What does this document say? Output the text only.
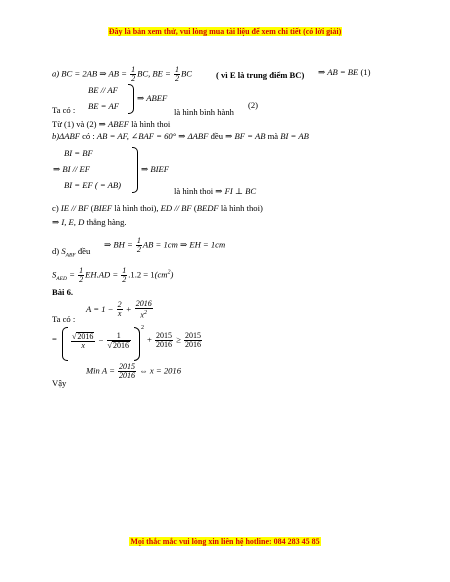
Đây là bản xem thử, vui lòng mua tài liệu để xem chi tiết (có lời giải)
a) BC = 2AB ⇒ AB = $\frac{1}{2}$ BC, BE = $\frac{1}{2}$ BC	( vì E là trung điểm BC) ⇒ AB = BE (1)
BE // AF
BE = AF
⇒ ABEF
Ta có :	là hình bình hành
(2)
Từ (1) và (2) ⇒ ABEF là hình thoi
b)ΔABF có : AB = AF, ∠BAF = 60° ⇒ ΔABF đều ⇒ BF = AB mà BI = AB
BI = BF
⇒ BI // EF
BI = EF ( = AB)
⇒ BIEF
là hình thoi ⇒ FI ⊥ BC
c) IE // BF (BIEF là hình thoi), ED // BF (BEDF là hình thoi)
⇒ I, E, D thẳng hàng.
d) $S_{ABF}$ đều
⇒ BH = $\frac{1}{2}$ AB = 1cm ⇒ EH = 1cm
$S_{AED} = \frac{1}{2} EH.AD = \frac{1}{2} .1.2 = 1(cm^2)$
Bài 6.
$A = 1 - \frac{2}{x} + \frac{2016}{x^2}$
Ta có :
= $\frac{√2016}{x} - \frac{1}{√2016}$
$^2$
+ $\frac{2015}{2016} \ge \frac{2015}{2016}$
Min $A = \frac{2015}{2016}$ ⇔ x = 2016
Vậy
Mọi thắc mắc vui lòng xin liên hệ hotline: 084 283 45 85
